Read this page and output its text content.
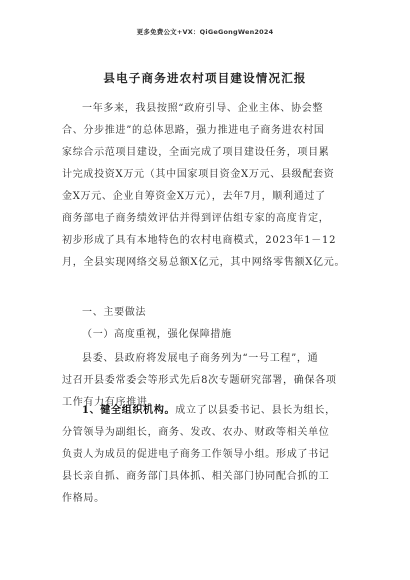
更多免费公文+VX：QiGeGongWen2024
县电子商务进农村项目建设情况汇报
一年多来，我县按照“政府引导、企业主体、协会整
合、分步推进”的总体思路，强力推进电子商务进农村国
家综合示范项目建设，全面完成了项目建设任务，项目累
计完成投资X万元（其中国家项目资金X万元、县级配套资
金X万元、企业自筹资金X万元），去年7月，顺利通过了
商务部电子商务绩效评估并得到评估组专家的高度肯定，
初步形成了具有本地特色的农村电商模式，2023年1－12
月，全县实现网络交易总额X亿元，其中网络零售额X亿元。
一、主要做法
（一）高度重视，强化保障措施
县委、县政府将发展电子商务列为“一号工程”，通
过召开县委常委会等形式先后8次专题研究部署，确保各项
工作有力有序推进。
1、健全组织机构。成立了以县委书记、县长为组长，
分管领导为副组长，商务、发改、农办、财政等相关单位
负责人为成员的促进电子商务工作领导小组。形成了书记
县长亲自抓、商务部门具体抓、相关部门协同配合抓的工
作格局。
